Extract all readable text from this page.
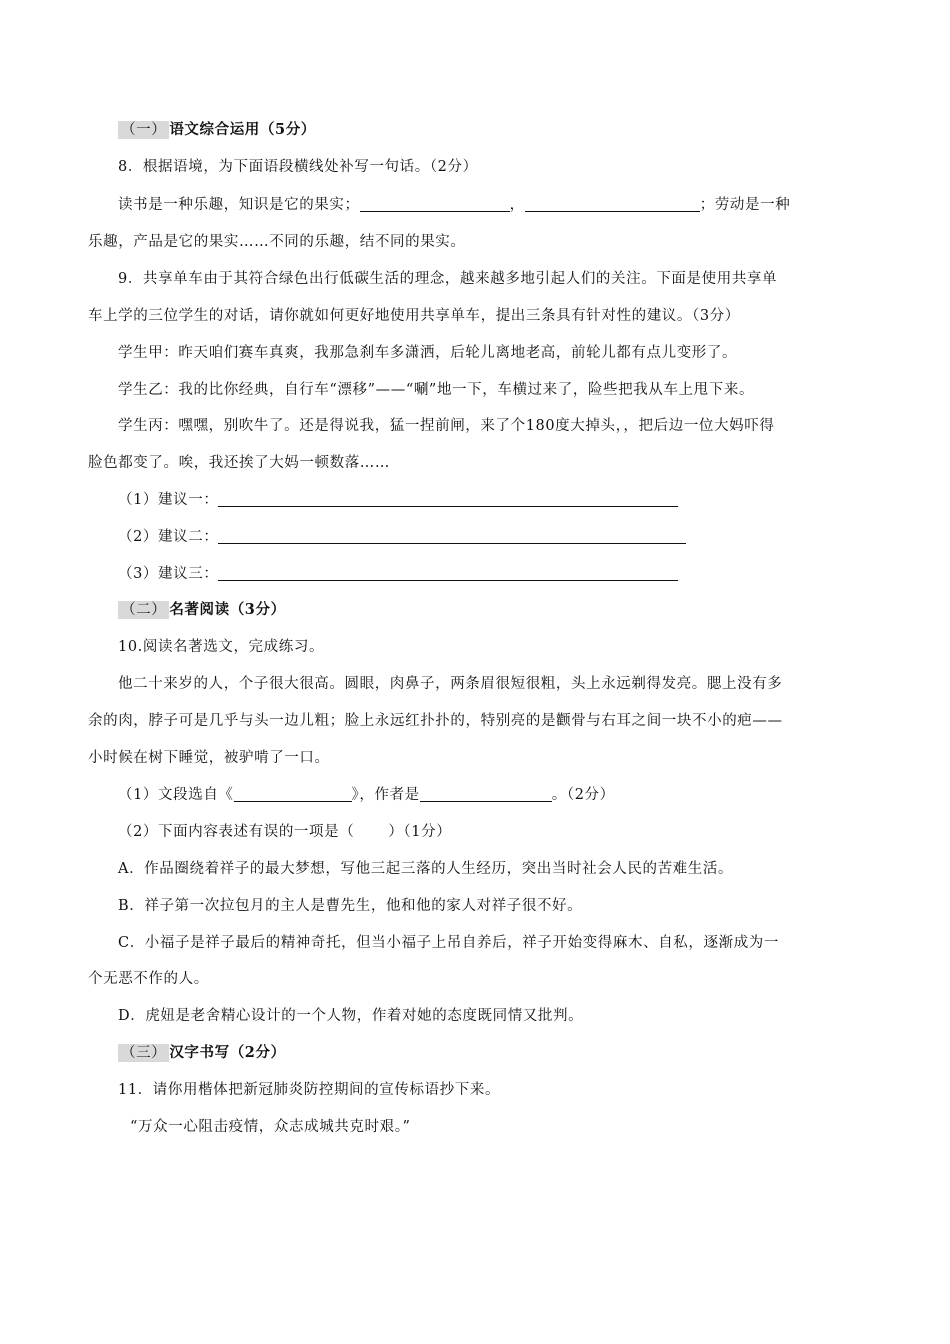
（一） 语文综合运用（5分）
8．根据语境，为下面语段横线处补写一句话。（2分）
读书是一种乐趣，知识是它的果实；	，	；劳动是一种
乐趣，产品是它的果实……不同的乐趣，结不同的果实。
9．共享单车由于其符合绿色出行低碳生活的理念，越来越多地引起人们的关注。下面是使用共享单
车上学的三位学生的对话，请你就如何更好地使用共享单车，提出三条具有针对性的建议。（3分）
学生甲：昨天咱们赛车真爽，我那急刹车多潇洒，后轮儿离地老高，前轮儿都有点儿变形了。
学生乙：我的比你经典，自行车“漂移”——“唰”地一下，车横过来了，险些把我从车上甩下来。
学生丙：嘿嘿，别吹牛了。还是得说我，猛一捏前闸，来了个180度大掉头，，把后边一位大妈吓得
脸色都变了。唉，我还挨了大妈一顿数落……
（1）建议一：
（2）建议二：
（3）建议三：
（二） 名著阅读（3分）
10.阅读名著选文，完成练习。
他二十来岁的人，个子很大很高。圆眼，肉鼻子，两条眉很短很粗，头上永远剃得发亮。腮上没有多
余的肉，脖子可是几乎与头一边儿粗；脸上永远红扑扑的，特别亮的是颧骨与右耳之间一块不小的疤——
小时候在树下睡觉，被驴啃了一口。
（1）文段选自《	》，作者是	。（2分）
（2）下面内容表述有误的一项是（ ）（1分）
A．作品圈绕着祥子的最大梦想，写他三起三落的人生经历，突出当时社会人民的苦难生活。
B．祥子第一次拉包月的主人是曹先生，他和他的家人对祥子很不好。
C．小福子是祥子最后的精神奇托，但当小福子上吊自养后，祥子开始变得麻木、自私，逐渐成为一
个无恶不作的人。
D．虎妞是老舍精心设计的一个人物，作着对她的态度既同情又批判。
（三） 汉字书写（2分）
11．请你用楷体把新冠肺炎防控期间的宣传标语抄下来。
“万众一心阻击疫情，众志成城共克时艰。”
